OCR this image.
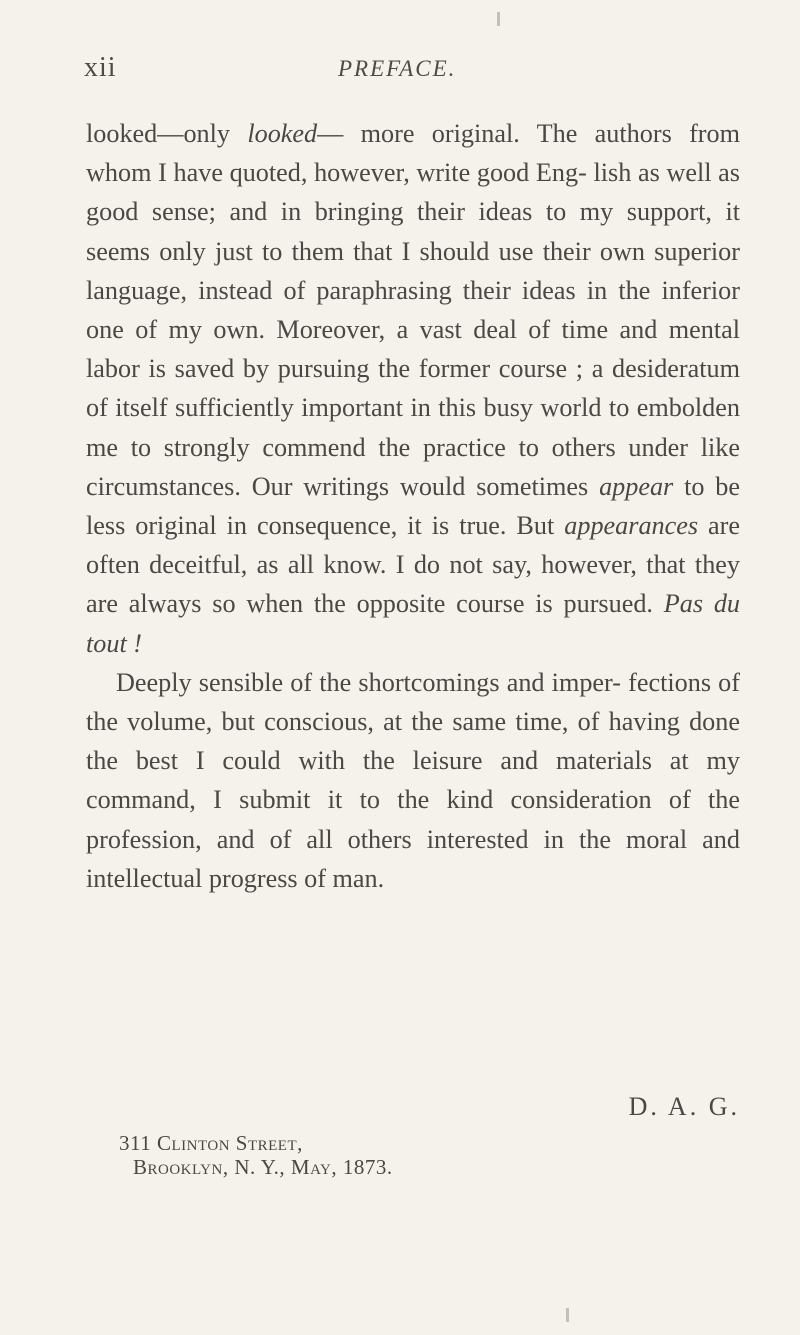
xii	PREFACE.

looked—only looked— more original. The authors from whom I have quoted, however, write good Eng- lish as well as good sense; and in bringing their ideas to my support, it seems only just to them that I should use their own superior language, instead of paraphrasing their ideas in the inferior one of my own. Moreover, a vast deal of time and mental labor is saved by pursuing the former course ; a desideratum of itself sufficiently important in this busy world to embolden me to strongly commend the practice to others under like circumstances. Our writings would sometimes appear to be less original in consequence, it is true. But appearances are often deceitful, as all know. I do not say, however, that they are always so when the opposite course is pursued. Pas du tout !

Deeply sensible of the shortcomings and imper- fections of the volume, but conscious, at the same time, of having done the best I could with the leisure and materials at my command, I submit it to the kind consideration of the profession, and of all others interested in the moral and intellectual progress of man.

D. A. G.
311 Clinton Street,
Brooklyn, N. Y., May, 1873.
